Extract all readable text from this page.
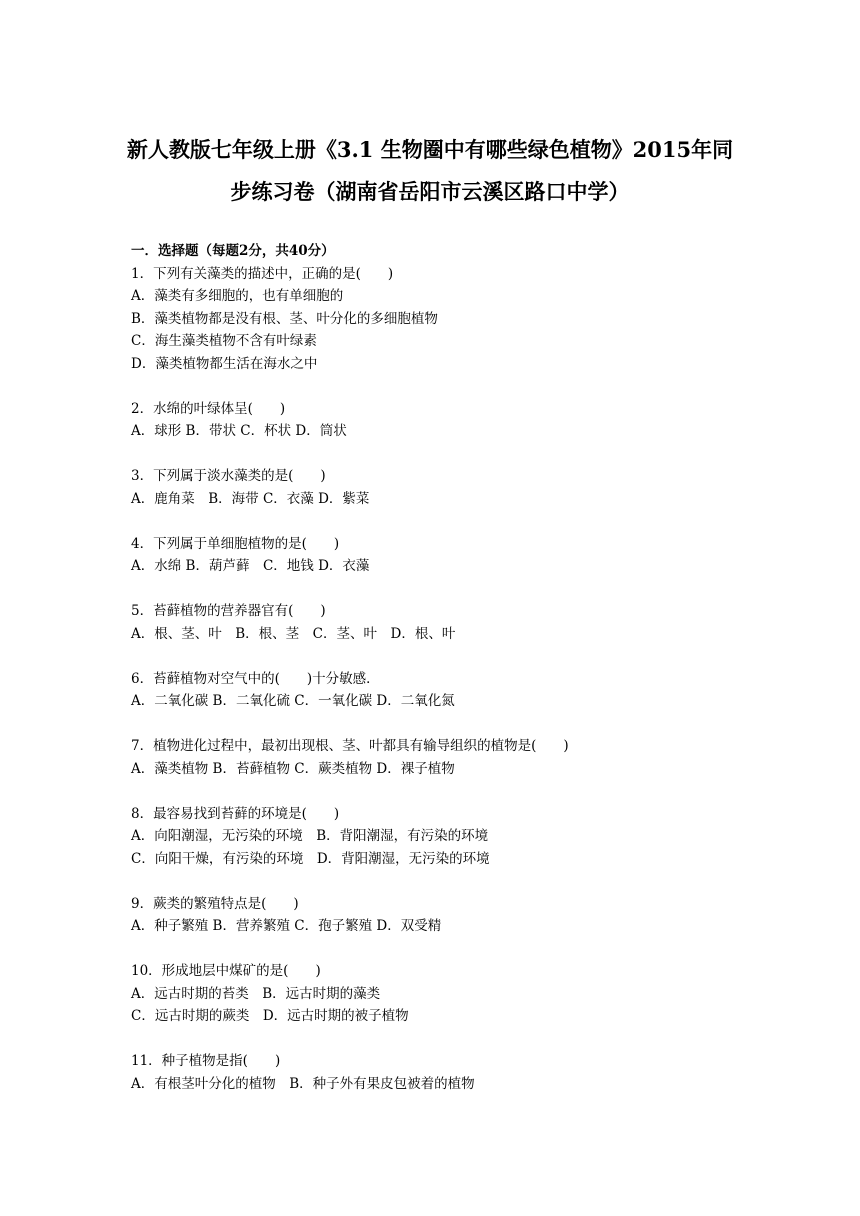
新人教版七年级上册《3.1 生物圈中有哪些绿色植物》2015年同
步练习卷（湖南省岳阳市云溪区路口中学）
一．选择题（每题2分，共40分）
1．下列有关藻类的描述中，正确的是(　　)
A．藻类有多细胞的，也有单细胞的
B．藻类植物都是没有根、茎、叶分化的多细胞植物
C．海生藻类植物不含有叶绿素
D．藻类植物都生活在海水之中
2．水绵的叶绿体呈(　　)
A．球形 B．带状 C．杯状 D．筒状
3．下列属于淡水藻类的是(　　)
A．鹿角菜　B．海带 C．衣藻 D．紫菜
4．下列属于单细胞植物的是(　　)
A．水绵 B．葫芦藓　C．地钱 D．衣藻
5．苔藓植物的营养器官有(　　)
A．根、茎、叶　B．根、茎　C．茎、叶　D．根、叶
6．苔藓植物对空气中的(　　)十分敏感．
A．二氧化碳 B．二氧化硫 C．一氧化碳 D．二氧化氮
7．植物进化过程中，最初出现根、茎、叶都具有输导组织的植物是(　　)
A．藻类植物 B．苔藓植物 C．蕨类植物 D．裸子植物
8．最容易找到苔藓的环境是(　　)
A．向阳潮湿，无污染的环境　B．背阳潮湿，有污染的环境
C．向阳干燥，有污染的环境　D．背阳潮湿，无污染的环境
9．蕨类的繁殖特点是(　　)
A．种子繁殖 B．营养繁殖 C．孢子繁殖 D．双受精
10．形成地层中煤矿的是(　　)
A．远古时期的苔类　B．远古时期的藻类
C．远古时期的蕨类　D．远古时期的被子植物
11．种子植物是指(　　)
A．有根茎叶分化的植物　B．种子外有果皮包被着的植物
